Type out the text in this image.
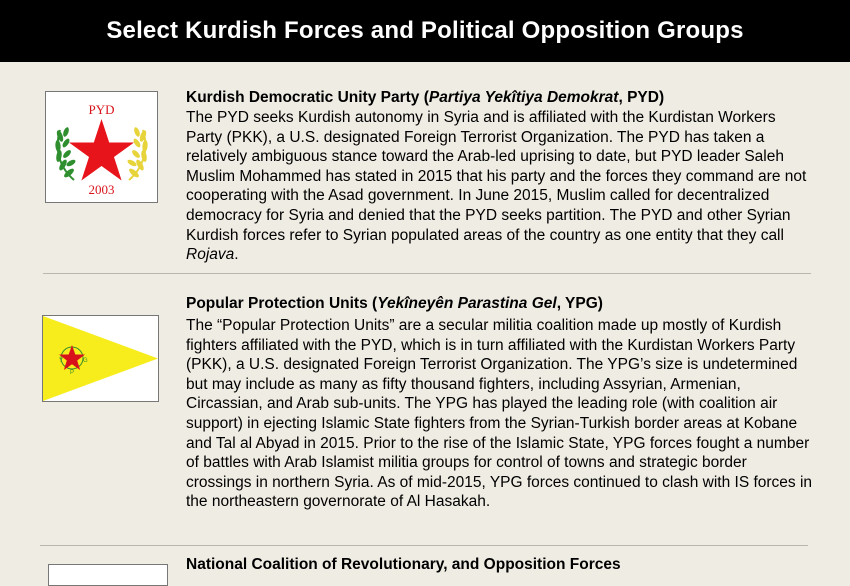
Select Kurdish Forces and Political Opposition Groups
PYD
2003
Kurdish Democratic Unity Party (Partiya Yekîtiya Demokrat, PYD)

The PYD seeks Kurdish autonomy in Syria and is affiliated with the Kurdistan Workers Party (PKK), a U.S. designated Foreign Terrorist Organization. The PYD has taken a relatively ambiguous stance toward the Arab-led uprising to date, but PYD leader Saleh Muslim Mohammed has stated in 2015 that his party and the forces they command are not cooperating with the Asad government. In June 2015, Muslim called for decentralized democracy for Syria and denied that the PYD seeks partition. The PYD and other Syrian Kurdish forces refer to Syrian populated areas of the country as one entity that they call Rojava.

Y
P
G
Popular Protection Units (Yekîneyên Parastina Gel, YPG)

The “Popular Protection Units” are a secular militia coalition made up mostly of Kurdish fighters affiliated with the PYD, which is in turn affiliated with the Kurdistan Workers Party (PKK), a U.S. designated Foreign Terrorist Organization. The YPG’s size is undetermined but may include as many as fifty thousand fighters, including Assyrian, Armenian, Circassian, and Arab sub-units. The YPG has played the leading role (with coalition air support) in ejecting Islamic State fighters from the Syrian-Turkish border areas at Kobane and Tal al Abyad in 2015. Prior to the rise of the Islamic State, YPG forces fought a number of battles with Arab Islamist militia groups for control of towns and strategic border crossings in northern Syria. As of mid-2015, YPG forces continued to clash with IS forces in the northeastern governorate of Al Hasakah.

National Coalition of Revolutionary, and Opposition Forces
